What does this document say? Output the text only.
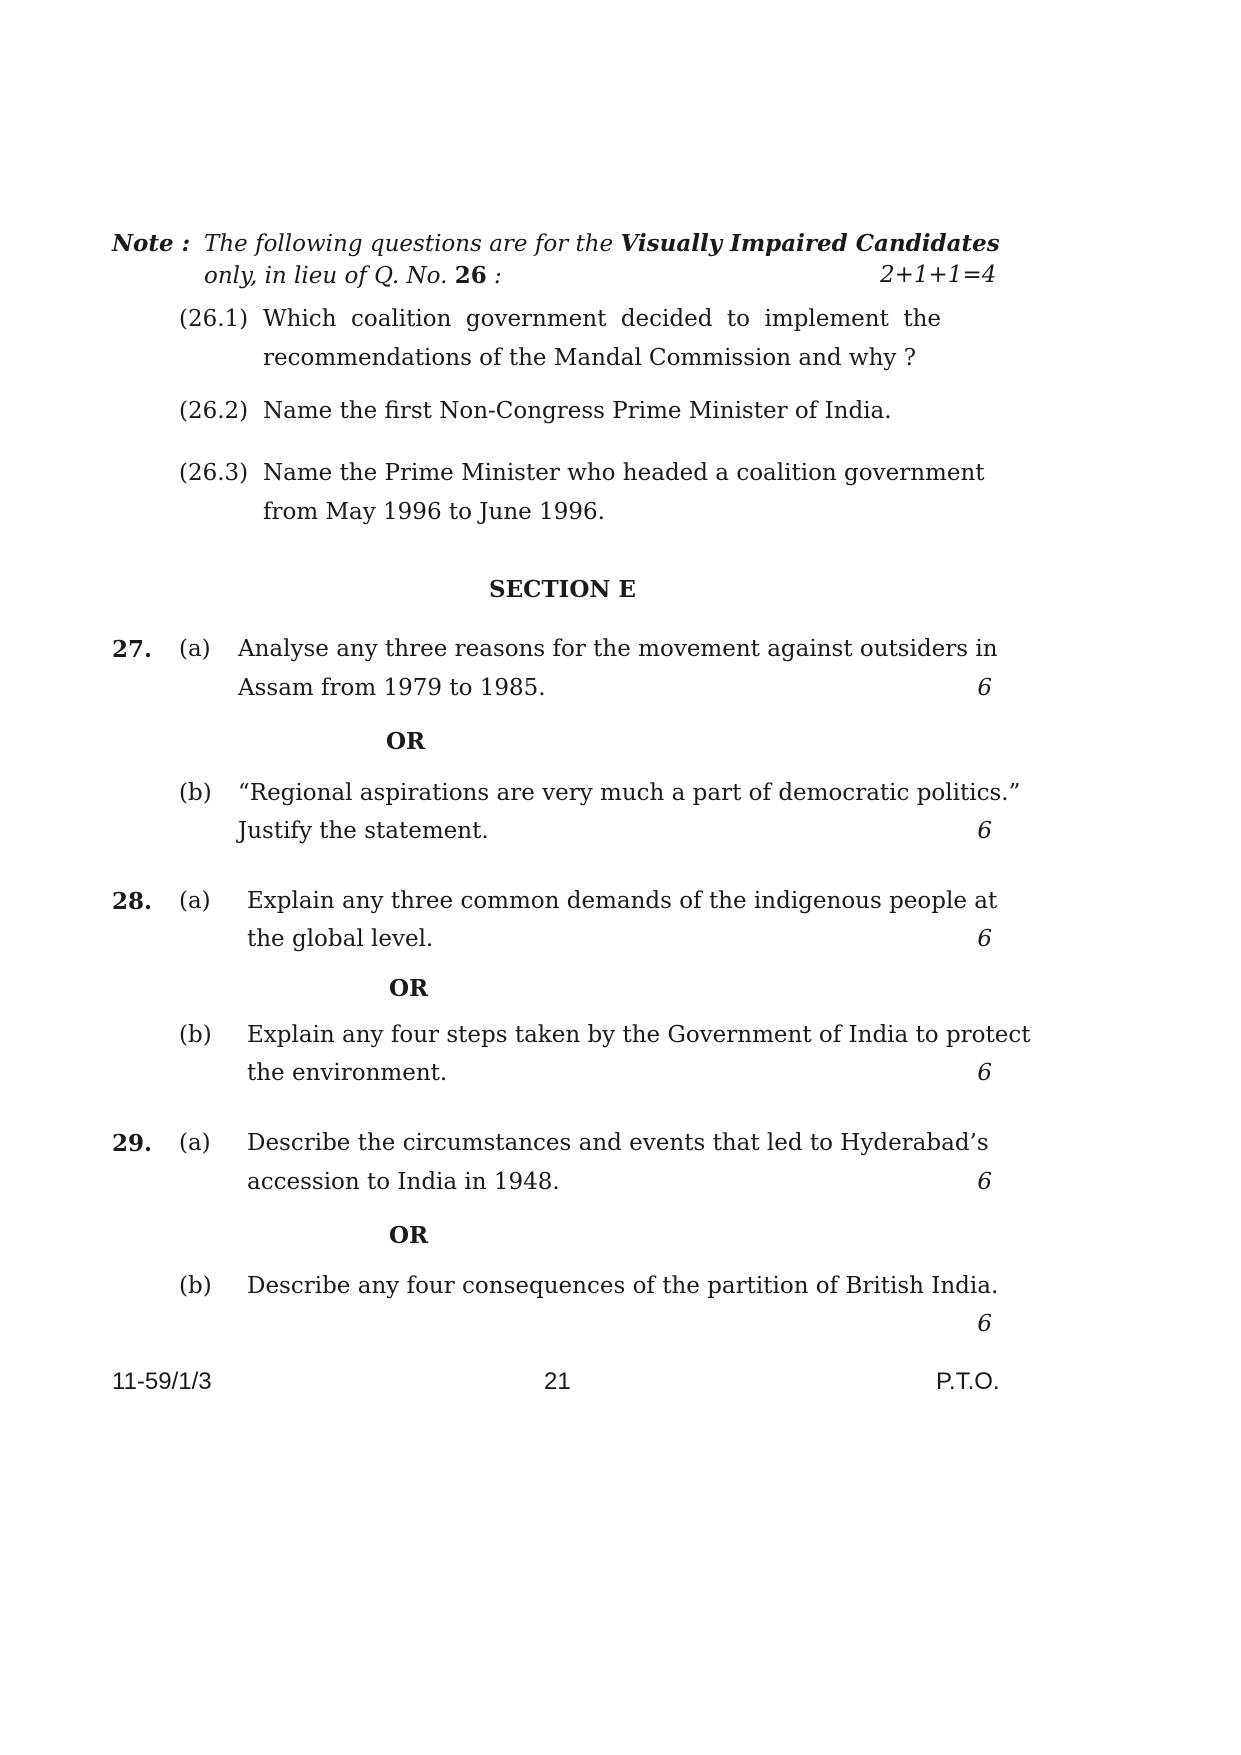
Note : The following questions are for the Visually Impaired Candidates
only, in lieu of Q. No. 26 :	2+1+1=4
(26.1) Which coalition government decided to implement the
recommendations of the Mandal Commission and why ?
(26.2) Name the first Non-Congress Prime Minister of India.
(26.3) Name the Prime Minister who headed a coalition government
from May 1996 to June 1996.
SECTION E
27. (a) Analyse any three reasons for the movement against outsiders in
Assam from 1979 to 1985.	6
OR
(b) “Regional aspirations are very much a part of democratic politics.”
Justify the statement.	6
28. (a) Explain any three common demands of the indigenous people at
the global level.	6
OR
(b) Explain any four steps taken by the Government of India to protect
the environment.	6
29. (a) Describe the circumstances and events that led to Hyderabad’s
accession to India in 1948.	6
OR
(b) Describe any four consequences of the partition of British India.
6
11-59/1/3	21	P.T.O.
